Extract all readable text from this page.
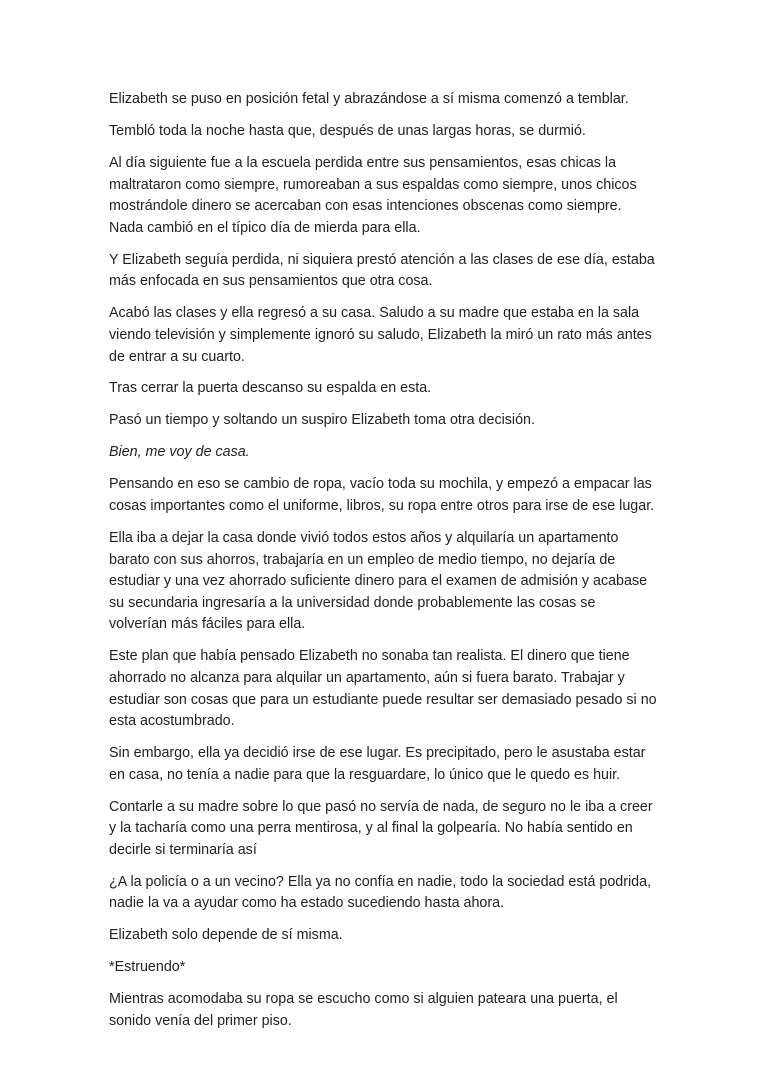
Elizabeth se puso en posición fetal y abrazándose a sí misma comenzó a temblar.

Tembló toda la noche hasta que, después de unas largas horas, se durmió.

Al día siguiente fue a la escuela perdida entre sus pensamientos, esas chicas la maltrataron como siempre, rumoreaban a sus espaldas como siempre, unos chicos mostrándole dinero se acercaban con esas intenciones obscenas como siempre. Nada cambió en el típico día de mierda para ella.

Y Elizabeth seguía perdida, ni siquiera prestó atención a las clases de ese día, estaba más enfocada en sus pensamientos que otra cosa.

Acabó las clases y ella regresó a su casa. Saludo a su madre que estaba en la sala viendo televisión y simplemente ignoró su saludo, Elizabeth la miró un rato más antes de entrar a su cuarto.

Tras cerrar la puerta descanso su espalda en esta.

Pasó un tiempo y soltando un suspiro Elizabeth toma otra decisión.

Bien, me voy de casa.

Pensando en eso se cambio de ropa, vacío toda su mochila, y empezó a empacar las cosas importantes como el uniforme, libros, su ropa entre otros para irse de ese lugar.

Ella iba a dejar la casa donde vivió todos estos años y alquilaría un apartamento barato con sus ahorros, trabajaría en un empleo de medio tiempo, no dejaría de estudiar y una vez ahorrado suficiente dinero para el examen de admisión y acabase su secundaria ingresaría a la universidad donde probablemente las cosas se volverían más fáciles para ella.

Este plan que había pensado Elizabeth no sonaba tan realista. El dinero que tiene ahorrado no alcanza para alquilar un apartamento, aún si fuera barato. Trabajar y estudiar son cosas que para un estudiante puede resultar ser demasiado pesado si no esta acostumbrado.

Sin embargo, ella ya decidió irse de ese lugar. Es precipitado, pero le asustaba estar en casa, no tenía a nadie para que la resguardare, lo único que le quedo es huir.

Contarle a su madre sobre lo que pasó no servía de nada, de seguro no le iba a creer y la tacharía como una perra mentirosa, y al final la golpearía. No había sentido en decirle si terminaría así

¿A la policía o a un vecino? Ella ya no confía en nadie, todo la sociedad está podrida, nadie la va a ayudar como ha estado sucediendo hasta ahora.

Elizabeth solo depende de sí misma.

*Estruendo*

Mientras acomodaba su ropa se escucho como si alguien pateara una puerta, el sonido venía del primer piso.
